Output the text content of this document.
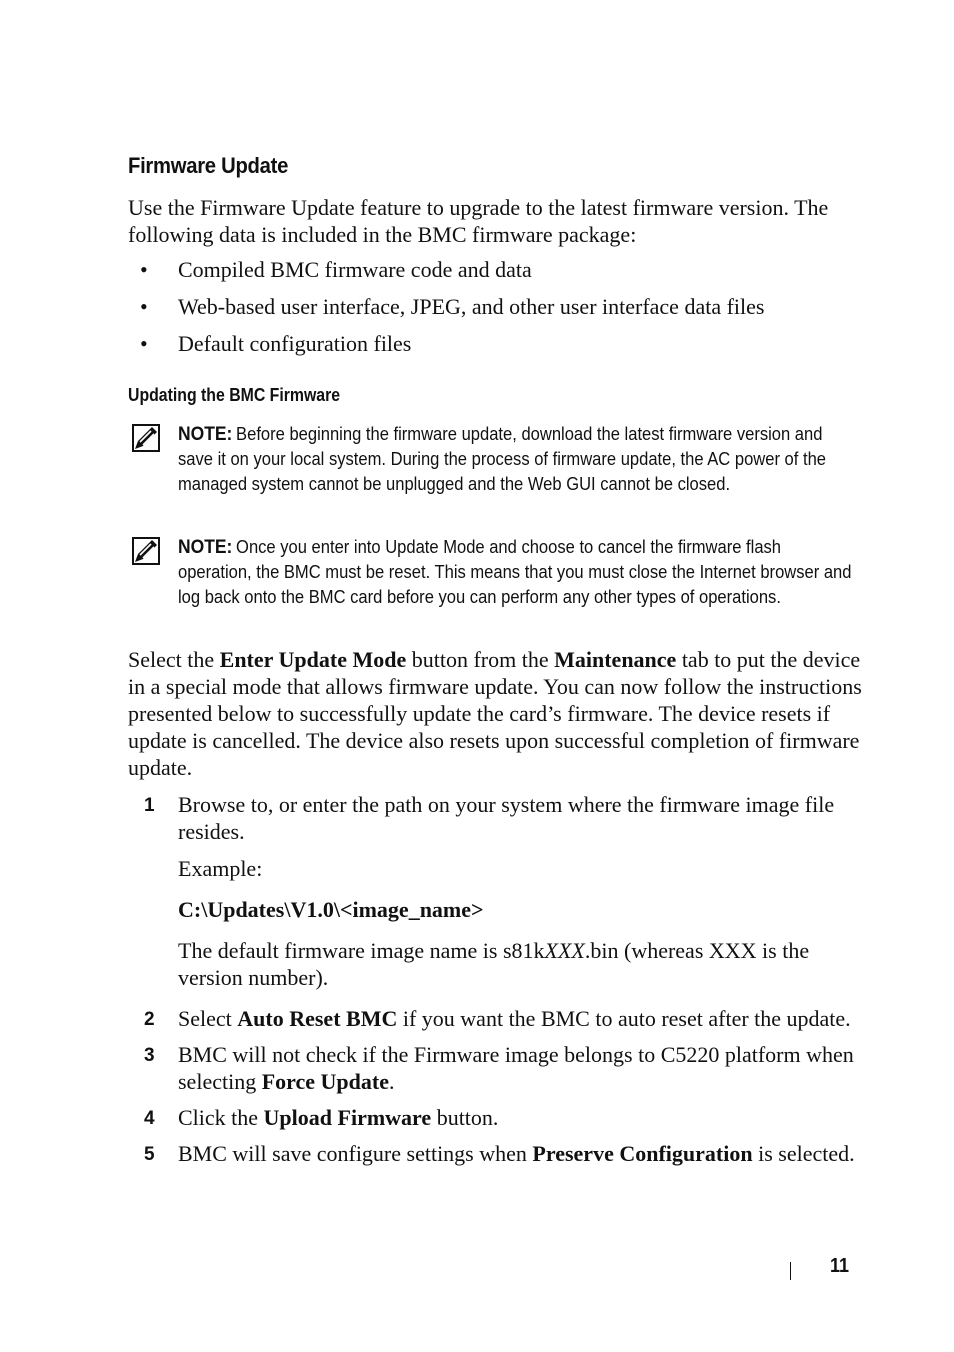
Firmware Update
Use the Firmware Update feature to upgrade to the latest firmware version. The following data is included in the BMC firmware package:
• Compiled BMC firmware code and data
• Web-based user interface, JPEG, and other user interface data files
• Default configuration files
Updating the BMC Firmware
NOTE: Before beginning the firmware update, download the latest firmware version and save it on your local system. During the process of firmware update, the AC power of the managed system cannot be unplugged and the Web GUI cannot be closed.
NOTE: Once you enter into Update Mode and choose to cancel the firmware flash operation, the BMC must be reset. This means that you must close the Internet browser and log back onto the BMC card before you can perform any other types of operations.
Select the Enter Update Mode button from the Maintenance tab to put the device in a special mode that allows firmware update. You can now follow the instructions presented below to successfully update the card’s firmware. The device resets if update is cancelled. The device also resets upon successful completion of firmware update.
1 Browse to, or enter the path on your system where the firmware image file resides.
Example:
C:\Updates\V1.0\<image_name>
The default firmware image name is s81kXXX.bin (whereas XXX is the version number).
2 Select Auto Reset BMC if you want the BMC to auto reset after the update.
3 BMC will not check if the Firmware image belongs to C5220 platform when selecting Force Update.
4 Click the Upload Firmware button.
5 BMC will save configure settings when Preserve Configuration is selected.
11
